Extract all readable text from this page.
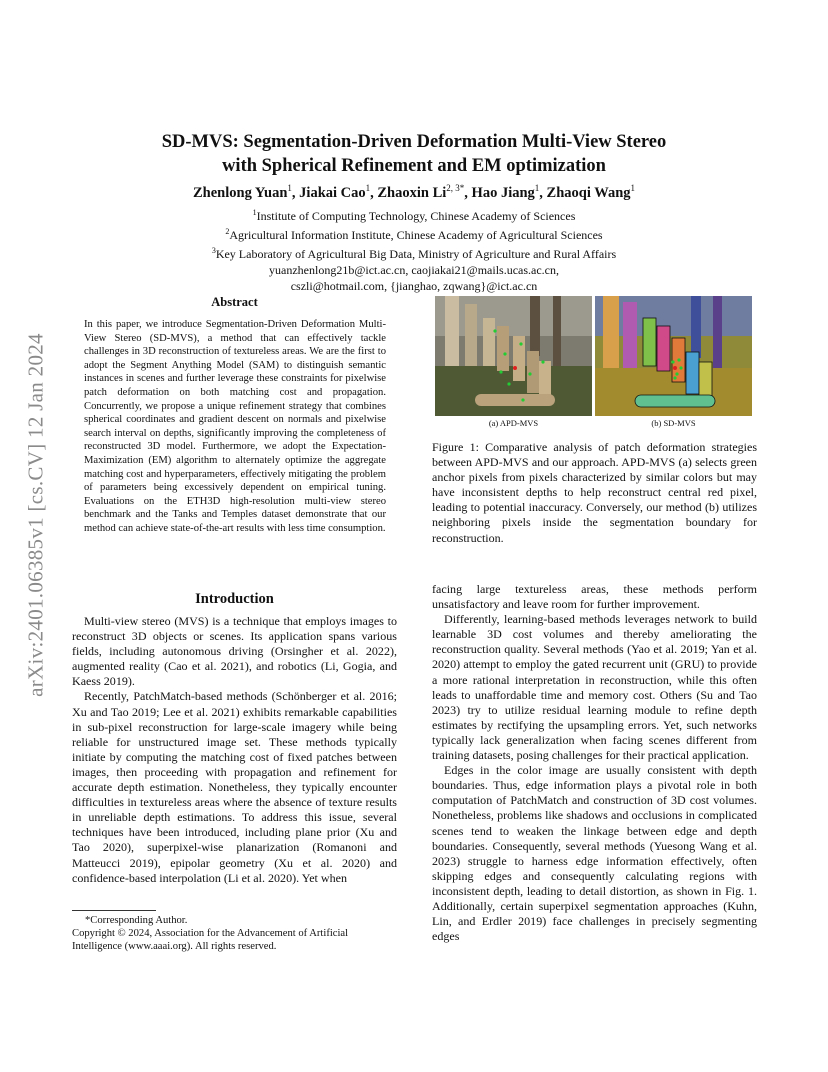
arXiv:2401.06385v1 [cs.CV] 12 Jan 2024
SD-MVS: Segmentation-Driven Deformation Multi-View Stereo
with Spherical Refinement and EM optimization
Zhenlong Yuan$^1$, Jiakai Cao$^1$, Zhaoxin $Li^{2, 3*}$, Hao Jiang$^1$, Zhaoqi Wang$^1$
$^1$Institute of Computing Technology, Chinese Academy of Sciences
$^2$Agricultural Information Institute, Chinese Academy of Agricultural Sciences
$^3$Key Laboratory of Agricultural Big Data, Ministry of Agriculture and Rural Affairs
yuanzhenlong21b@ict.ac.cn, caojiakai21@mails.ucas.ac.cn,
cszli@hotmail.com, {jianghao, zqwang}@ict.ac.cn
Abstract

In this paper, we introduce Segmentation-Driven Deformation Multi-View Stereo (SD-MVS), a method that can effectively tackle challenges in 3D reconstruction of textureless areas. We are the first to adopt the Segment Anything Model (SAM) to distinguish semantic instances in scenes and further leverage these constraints for pixelwise patch deformation on both matching cost and propagation. Concurrently, we propose a unique refinement strategy that combines spherical coordinates and gradient descent on normals and pixelwise search interval on depths, significantly improving the completeness of reconstructed 3D model. Furthermore, we adopt the Expectation-Maximization (EM) algorithm to alternately optimize the aggregate matching cost and hyperparameters, effectively mitigating the problem of parameters being excessively dependent on empirical tuning. Evaluations on the ETH3D high-resolution multi-view stereo benchmark and the Tanks and Temples dataset demonstrate that our method can achieve state-of-the-art results with less time consumption.

Introduction

Multi-view stereo (MVS) is a technique that employs images to reconstruct 3D objects or scenes. Its application spans various fields, including autonomous driving (Orsingher et al. 2022), augmented reality (Cao et al. 2021), and robotics (Li, Gogia, and Kaess 2019).

Recently, PatchMatch-based methods (Schönberger et al. 2016; Xu and Tao 2019; Lee et al. 2021) exhibits remarkable capabilities in sub-pixel reconstruction for large-scale imagery while being reliable for unstructured image set. These methods typically initiate by computing the matching cost of fixed patches between images, then proceeding with propagation and refinement for accurate depth estimation. Nonetheless, they typically encounter difficulties in textureless areas where the absence of texture results in unreliable depth estimations. To address this issue, several techniques have been introduced, including plane prior (Xu and Tao 2020), superpixel-wise planarization (Romanoni and Matteucci 2019), epipolar geometry (Xu et al. 2020) and confidence-based interpolation (Li et al. 2020). Yet when

*Corresponding Author.
Copyright © 2024, Association for the Advancement of Artificial Intelligence (www.aaai.org). All rights reserved.
(a) APD-MVS	(b) SD-MVS

Figure 1: Comparative analysis of patch deformation strategies between APD-MVS and our approach. APD-MVS (a) selects green anchor pixels from pixels characterized by similar colors but may have inconsistent depths to help reconstruct central red pixel, leading to potential inaccuracy. Conversely, our method (b) utilizes neighboring pixels inside the segmentation boundary for reconstruction.

facing large textureless areas, these methods perform unsatisfactory and leave room for further improvement.

Differently, learning-based methods leverages network to build learnable 3D cost volumes and thereby ameliorating the reconstruction quality. Several methods (Yao et al. 2019; Yan et al. 2020) attempt to employ the gated recurrent unit (GRU) to provide a more rational interpretation in reconstruction, while this often leads to unaffordable time and memory cost. Others (Su and Tao 2023) try to utilize residual learning module to refine depth estimates by rectifying the upsampling errors. Yet, such networks typically lack generalization when facing scenes different from training datasets, posing challenges for their practical application.

Edges in the color image are usually consistent with depth boundaries. Thus, edge information plays a pivotal role in both computation of PatchMatch and construction of 3D cost volumes. Nonetheless, problems like shadows and occlusions in complicated scenes tend to weaken the linkage between edge and depth boundaries. Consequently, several methods (Yuesong Wang et al. 2023) struggle to harness edge information effectively, often skipping edges and consequently calculating regions with inconsistent depth, leading to detail distortion, as shown in Fig. 1. Additionally, certain superpixel segmentation approaches (Kuhn, Lin, and Erdler 2019) face challenges in precisely segmenting edges
